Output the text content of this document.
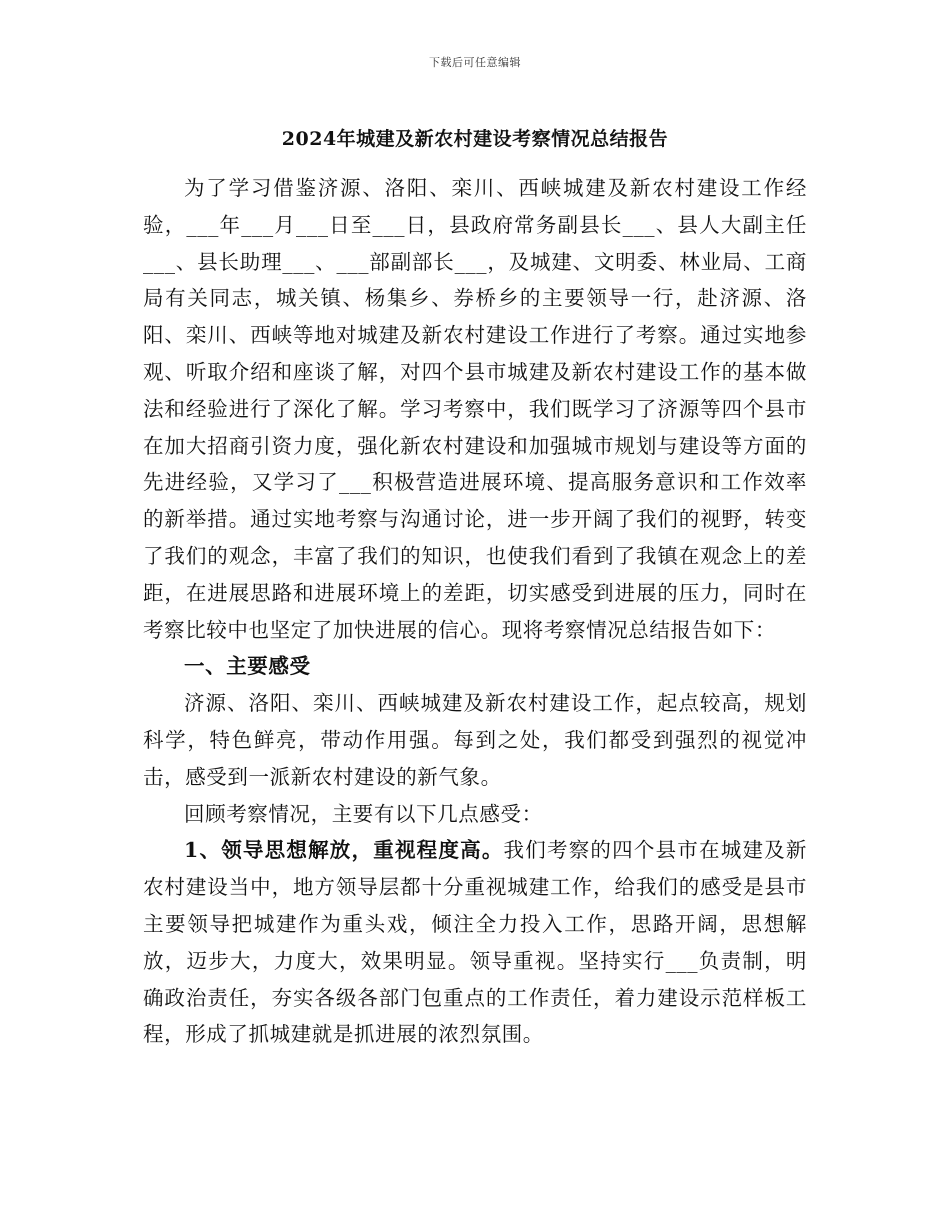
下载后可任意编辑
2024年城建及新农村建设考察情况总结报告

为了学习借鉴济源、洛阳、栾川、西峡城建及新农村建设工作经验，___年___月___日至___日，县政府常务副县长___、县人大副主任___、县长助理___、___部副部长___，及城建、文明委、林业局、工商局有关同志，城关镇、杨集乡、券桥乡的主要领导一行，赴济源、洛阳、栾川、西峡等地对城建及新农村建设工作进行了考察。通过实地参观、听取介绍和座谈了解，对四个县市城建及新农村建设工作的基本做法和经验进行了深化了解。学习考察中，我们既学习了济源等四个县市在加大招商引资力度，强化新农村建设和加强城市规划与建设等方面的先进经验，又学习了___积极营造进展环境、提高服务意识和工作效率的新举措。通过实地考察与沟通讨论，进一步开阔了我们的视野，转变了我们的观念，丰富了我们的知识，也使我们看到了我镇在观念上的差距，在进展思路和进展环境上的差距，切实感受到进展的压力，同时在考察比较中也坚定了加快进展的信心。现将考察情况总结报告如下：

一、主要感受

济源、洛阳、栾川、西峡城建及新农村建设工作，起点较高，规划科学，特色鲜亮，带动作用强。每到之处，我们都受到强烈的视觉冲击，感受到一派新农村建设的新气象。

回顾考察情况，主要有以下几点感受：

1、领导思想解放，重视程度高。我们考察的四个县市在城建及新农村建设当中，地方领导层都十分重视城建工作，给我们的感受是县市主要领导把城建作为重头戏，倾注全力投入工作，思路开阔，思想解放，迈步大，力度大，效果明显。领导重视。坚持实行___负责制，明确政治责任，夯实各级各部门包重点的工作责任，着力建设示范样板工程，形成了抓城建就是抓进展的浓烈氛围。
